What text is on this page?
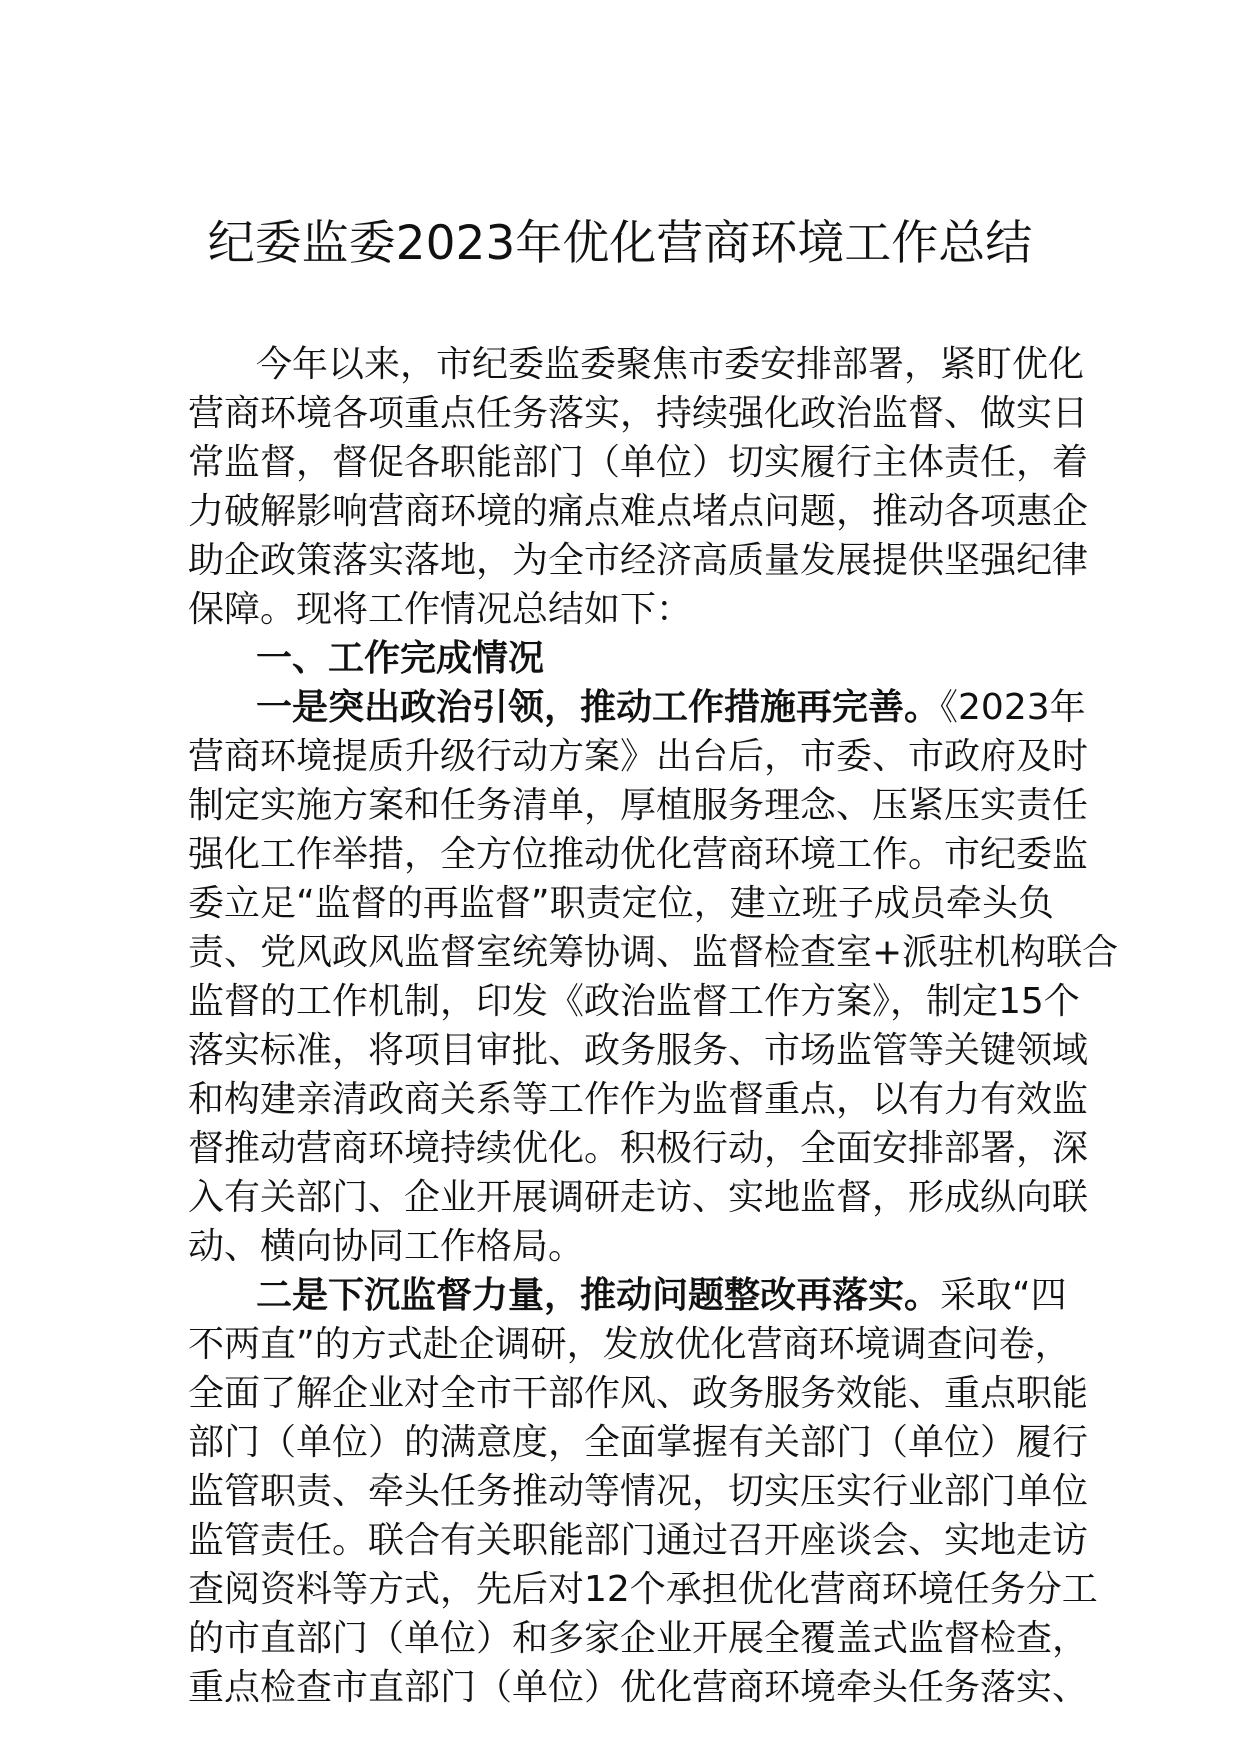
纪委监委2023年优化营商环境工作总结
今年以来，市纪委监委聚焦市委安排部署，紧盯优化
营商环境各项重点任务落实，持续强化政治监督、做实日
常监督，督促各职能部门（单位）切实履行主体责任，着
力破解影响营商环境的痛点难点堵点问题，推动各项惠企
助企政策落实落地，为全市经济高质量发展提供坚强纪律
保障。现将工作情况总结如下：
一、工作完成情况
一是突出政治引领，推动工作措施再完善。《2023年
营商环境提质升级行动方案》出台后，市委、市政府及时
制定实施方案和任务清单，厚植服务理念、压紧压实责任
强化工作举措，全方位推动优化营商环境工作。市纪委监
委立足“监督的再监督”职责定位，建立班子成员牵头负
责、党风政风监督室统筹协调、监督检查室+派驻机构联合
监督的工作机制，印发《政治监督工作方案》，制定15个
落实标准，将项目审批、政务服务、市场监管等关键领域
和构建亲清政商关系等工作作为监督重点，以有力有效监
督推动营商环境持续优化。积极行动，全面安排部署，深
入有关部门、企业开展调研走访、实地监督，形成纵向联
动、横向协同工作格局。
二是下沉监督力量，推动问题整改再落实。采取“四
不两直”的方式赴企调研，发放优化营商环境调查问卷，
全面了解企业对全市干部作风、政务服务效能、重点职能
部门（单位）的满意度，全面掌握有关部门（单位）履行
监管职责、牵头任务推动等情况，切实压实行业部门单位
监管责任。联合有关职能部门通过召开座谈会、实地走访
查阅资料等方式，先后对12个承担优化营商环境任务分工
的市直部门（单位）和多家企业开展全覆盖式监督检查，
重点检查市直部门（单位）优化营商环境牵头任务落实、
